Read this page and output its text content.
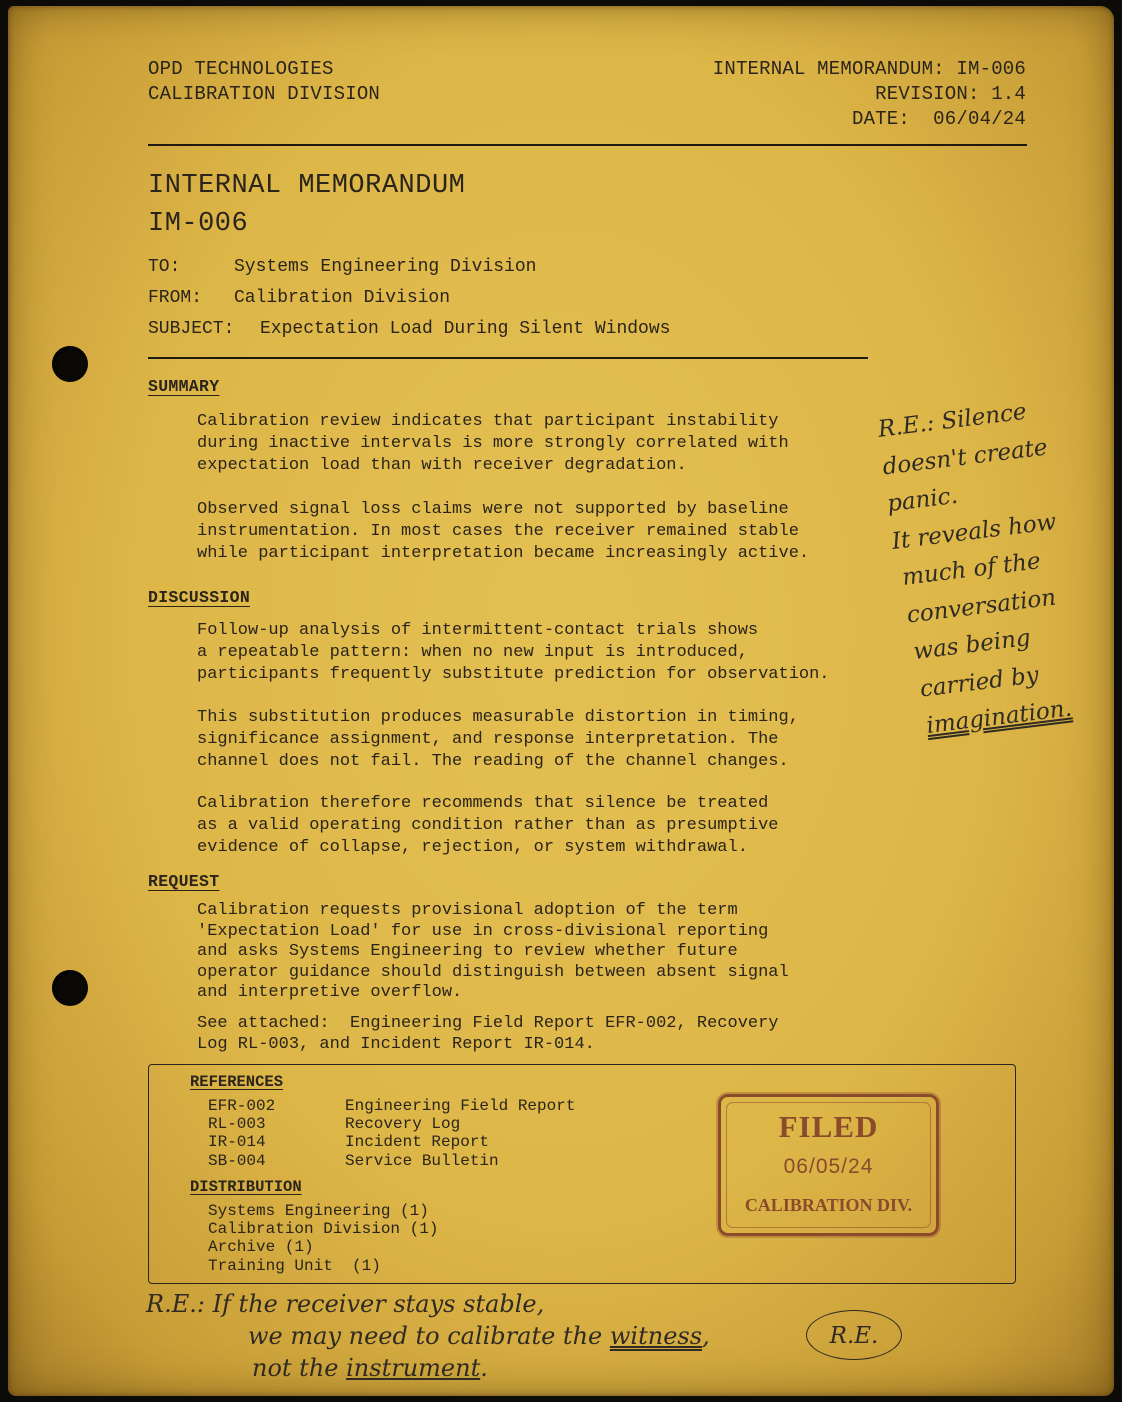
OPD TECHNOLOGIES
CALIBRATION DIVISION
INTERNAL MEMORANDUM: IM-006
REVISION: 1.4
DATE:  06/04/24
INTERNAL MEMORANDUM
IM-006
TO:	Systems Engineering Division
FROM: Calibration Division
SUBJECT: Expectation Load During Silent Windows
SUMMARY
Calibration review indicates that participant instability
during inactive intervals is more strongly correlated with
expectation load than with receiver degradation.
Observed signal loss claims were not supported by baseline
instrumentation. In most cases the receiver remained stable
while participant interpretation became increasingly active.
DISCUSSION
Follow-up analysis of intermittent-contact trials shows
a repeatable pattern: when no new input is introduced,
participants frequently substitute prediction for observation.
This substitution produces measurable distortion in timing,
significance assignment, and response interpretation. The
channel does not fail. The reading of the channel changes.
Calibration therefore recommends that silence be treated
as a valid operating condition rather than as presumptive
evidence of collapse, rejection, or system withdrawal.
REQUEST
Calibration requests provisional adoption of the term
'Expectation Load' for use in cross-divisional reporting
and asks Systems Engineering to review whether future
operator guidance should distinguish between absent signal
and interpretive overflow.
See attached:  Engineering Field Report EFR-002, Recovery
Log RL-003, and Incident Report IR-014.
REFERENCES
EFR-002	Engineering Field Report
RL-003	Recovery Log
IR-014	Incident Report
SB-004	Service Bulletin
DISTRIBUTION
Systems Engineering (1)
Calibration Division (1)
Archive (1)
Training Unit  (1)
FILED
06/05/24
CALIBRATION DIV.
R.E.: Silence
doesn't create
panic.
It reveals how
much of the
conversation
was being
carried by
imagination.
R.E.: If the receiver stays stable,
we may need to calibrate the witness,
not the instrument.
R.E.
